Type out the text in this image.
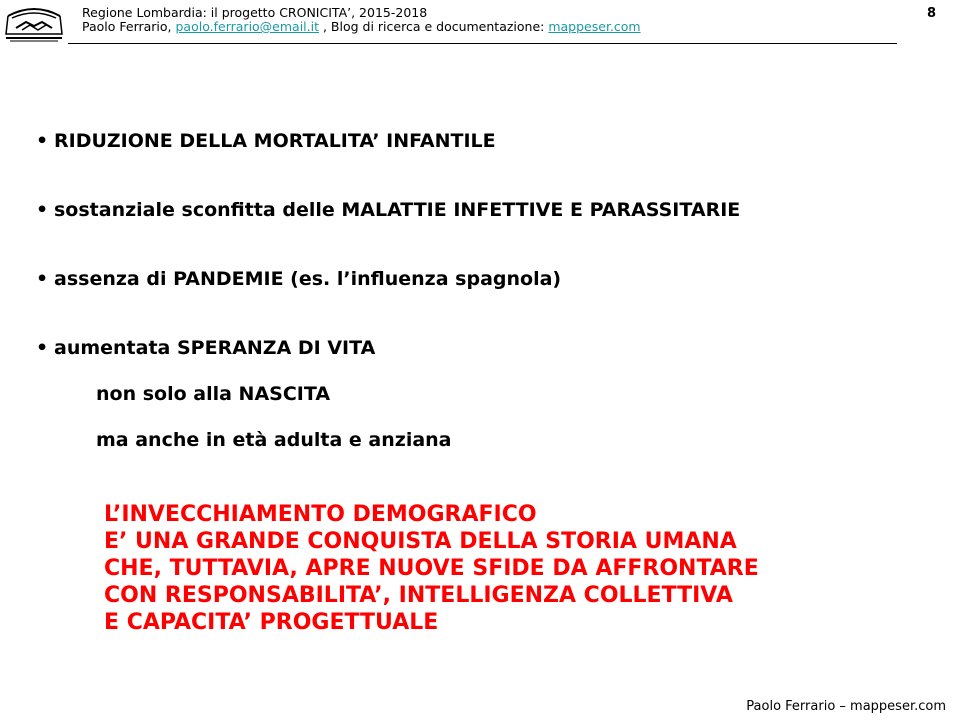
Regione Lombardia: il progetto CRONICITA’, 2015-2018
Paolo Ferrario, paolo.ferrario@email.it , Blog di ricerca e documentazione: mappeser.com
8
• RIDUZIONE DELLA MORTALITA’ INFANTILE
• sostanziale sconfitta delle MALATTIE INFETTIVE E PARASSITARIE
• assenza di PANDEMIE (es. l’influenza spagnola)
• aumentata SPERANZA DI VITA
non solo alla NASCITA
ma anche in età adulta e anziana
L’INVECCHIAMENTO DEMOGRAFICO
E’ UNA GRANDE CONQUISTA DELLA STORIA UMANA
CHE, TUTTAVIA, APRE NUOVE SFIDE DA AFFRONTARE
CON RESPONSABILITA’, INTELLIGENZA COLLETTIVA
E CAPACITA’ PROGETTUALE
Paolo Ferrario – mappeser.com
